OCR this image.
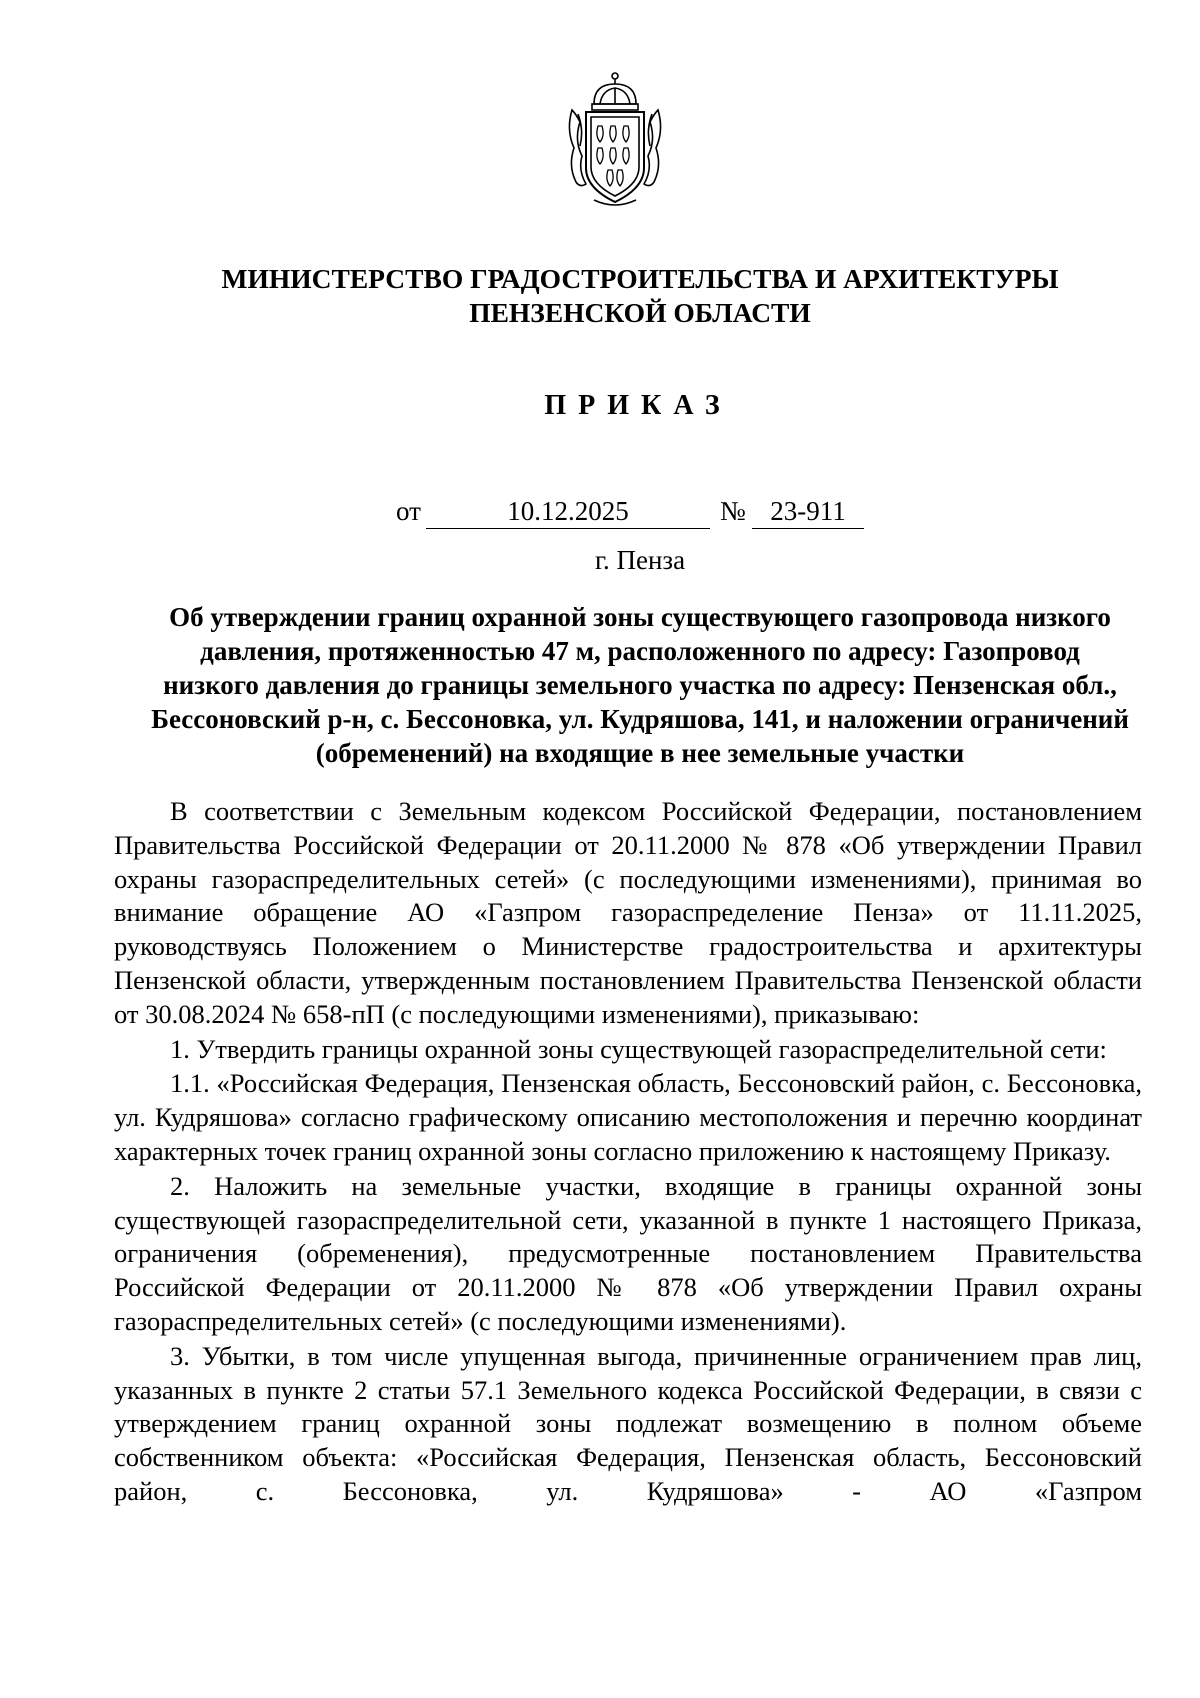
МИНИСТЕРСТВО ГРАДОСТРОИТЕЛЬСТВА И АРХИТЕКТУРЫ
ПЕНЗЕНСКОЙ ОБЛАСТИ
ПРИКАЗ
от	10.12.2025	№ 23-911
г. Пенза
Об утверждении границ охранной зоны существующего газопровода низкого
давления, протяженностью 47 м, расположенного по адресу: Газопровод
низкого давления до границы земельного участка по адресу: Пензенская обл.,
Бессоновский р-н, с. Бессоновка, ул. Кудряшова, 141, и наложении ограничений
(обременений) на входящие в нее земельные участки

В соответствии с Земельным кодексом Российской Федерации, постановлением Правительства Российской Федерации от 20.11.2000 № 878 «Об утверждении Правил охраны газораспределительных сетей» (с последующими изменениями), принимая во внимание обращение АО «Газпром газораспределение Пенза» от 11.11.2025, руководствуясь Положением о Министерстве градостроительства и архитектуры Пензенской области, утвержденным постановлением Правительства Пензенской области от 30.08.2024 № 658-пП (с последующими изменениями), приказываю:

1. Утвердить границы охранной зоны существующей газораспределительной сети:

1.1. «Российская Федерация, Пензенская область, Бессоновский район, с. Бессоновка, ул. Кудряшова» согласно графическому описанию местоположения и перечню координат характерных точек границ охранной зоны согласно приложению к настоящему Приказу.

2. Наложить на земельные участки, входящие в границы охранной зоны существующей газораспределительной сети, указанной в пункте 1 настоящего Приказа, ограничения (обременения), предусмотренные постановлением Правительства Российской Федерации от 20.11.2000 № 878 «Об утверждении Правил охраны газораспределительных сетей» (с последующими изменениями).

3. Убытки, в том числе упущенная выгода, причиненные ограничением прав лиц, указанных в пункте 2 статьи 57.1 Земельного кодекса Российской Федерации, в связи с утверждением границ охранной зоны подлежат возмещению в полном объеме собственником объекта: «Российская Федерация, Пензенская область, Бессоновский район, с. Бессоновка, ул. Кудряшова» - АО «Газпром
